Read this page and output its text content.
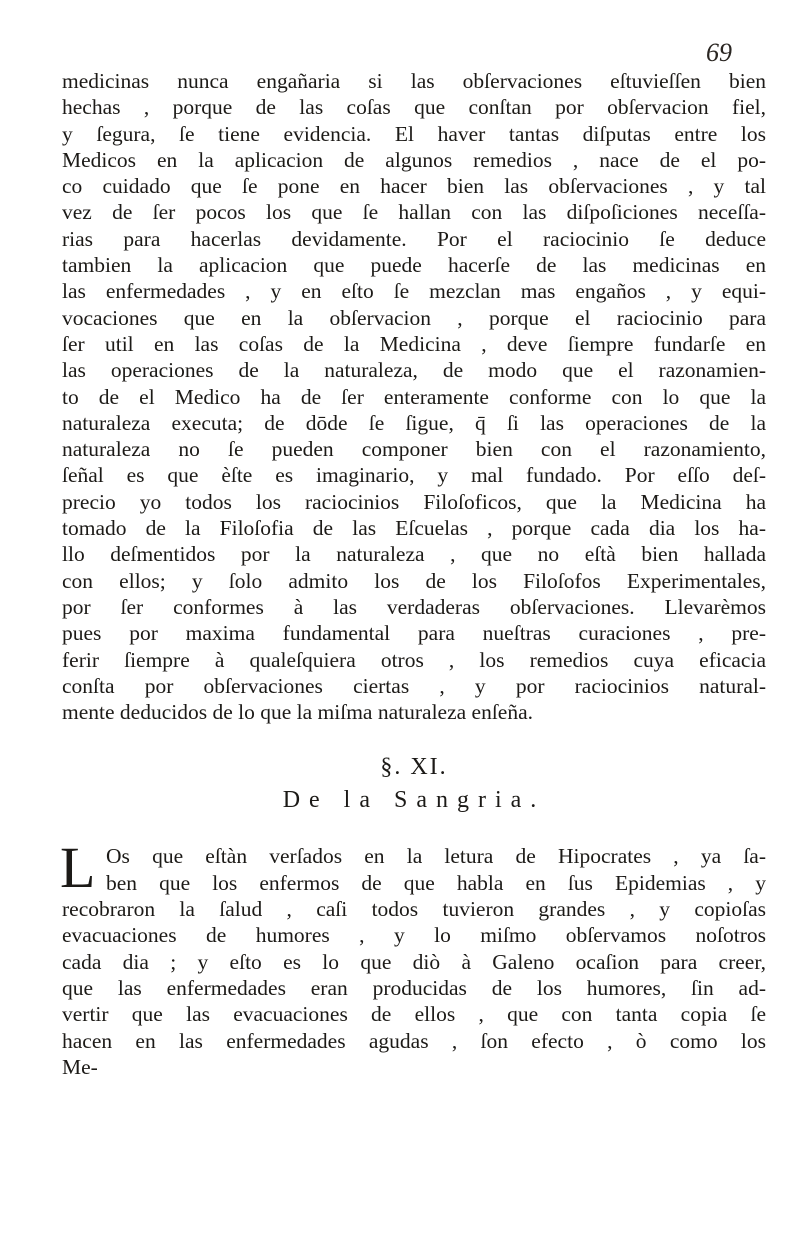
69
medicinas nunca engañaria si las obſervaciones eſtuvieſſen bien
hechas , porque de las coſas que conſtan por obſervacion fiel,
y ſegura, ſe tiene evidencia. El haver tantas diſputas entre los
Medicos en la aplicacion de algunos remedios , nace de el po-
co cuidado que ſe pone en hacer bien las obſervaciones , y tal
vez de ſer pocos los que ſe hallan con las diſpoſiciones neceſſa-
rias para hacerlas devidamente. Por el raciocinio ſe deduce
tambien la aplicacion que puede hacerſe de las medicinas en
las enfermedades , y en eſto ſe mezclan mas engaños , y equi-
vocaciones que en la obſervacion , porque el raciocinio para
ſer util en las coſas de la Medicina , deve ſiempre fundarſe en
las operaciones de la naturaleza, de modo que el razonamien-
to de el Medico ha de ſer enteramente conforme con lo que la
naturaleza executa; de dōde ſe ſigue, q̄ ſi las operaciones de la
naturaleza no ſe pueden componer bien con el razonamiento,
ſeñal es que èſte es imaginario, y mal fundado. Por eſſo deſ-
precio yo todos los raciocinios Filoſoficos, que la Medicina ha
tomado de la Filoſofia de las Eſcuelas , porque cada dia los ha-
llo deſmentidos por la naturaleza , que no eſtà bien hallada
con ellos; y ſolo admito los de los Filoſofos Experimentales,
por ſer conformes à las verdaderas obſervaciones. Llevarèmos
pues por maxima fundamental para nueſtras curaciones , pre-
ferir ſiempre à qualeſquiera otros , los remedios cuya eficacia
conſta por obſervaciones ciertas , y por raciocinios natural-
mente deducidos de lo que la miſma naturaleza enſeña.
§. XI.
De la Sangria.
L Os que eſtàn verſados en la letura de Hipocrates , ya ſa-
ben que los enfermos de que habla en ſus Epidemias , y
recobraron la ſalud , caſi todos tuvieron grandes , y copioſas
evacuaciones de humores , y lo miſmo obſervamos noſotros
cada dia ; y eſto es lo que diò à Galeno ocaſion para creer,
que las enfermedades eran producidas de los humores, ſin ad-
vertir que las evacuaciones de ellos , que con tanta copia ſe
hacen en las enfermedades agudas , ſon efecto , ò como los
Me-
